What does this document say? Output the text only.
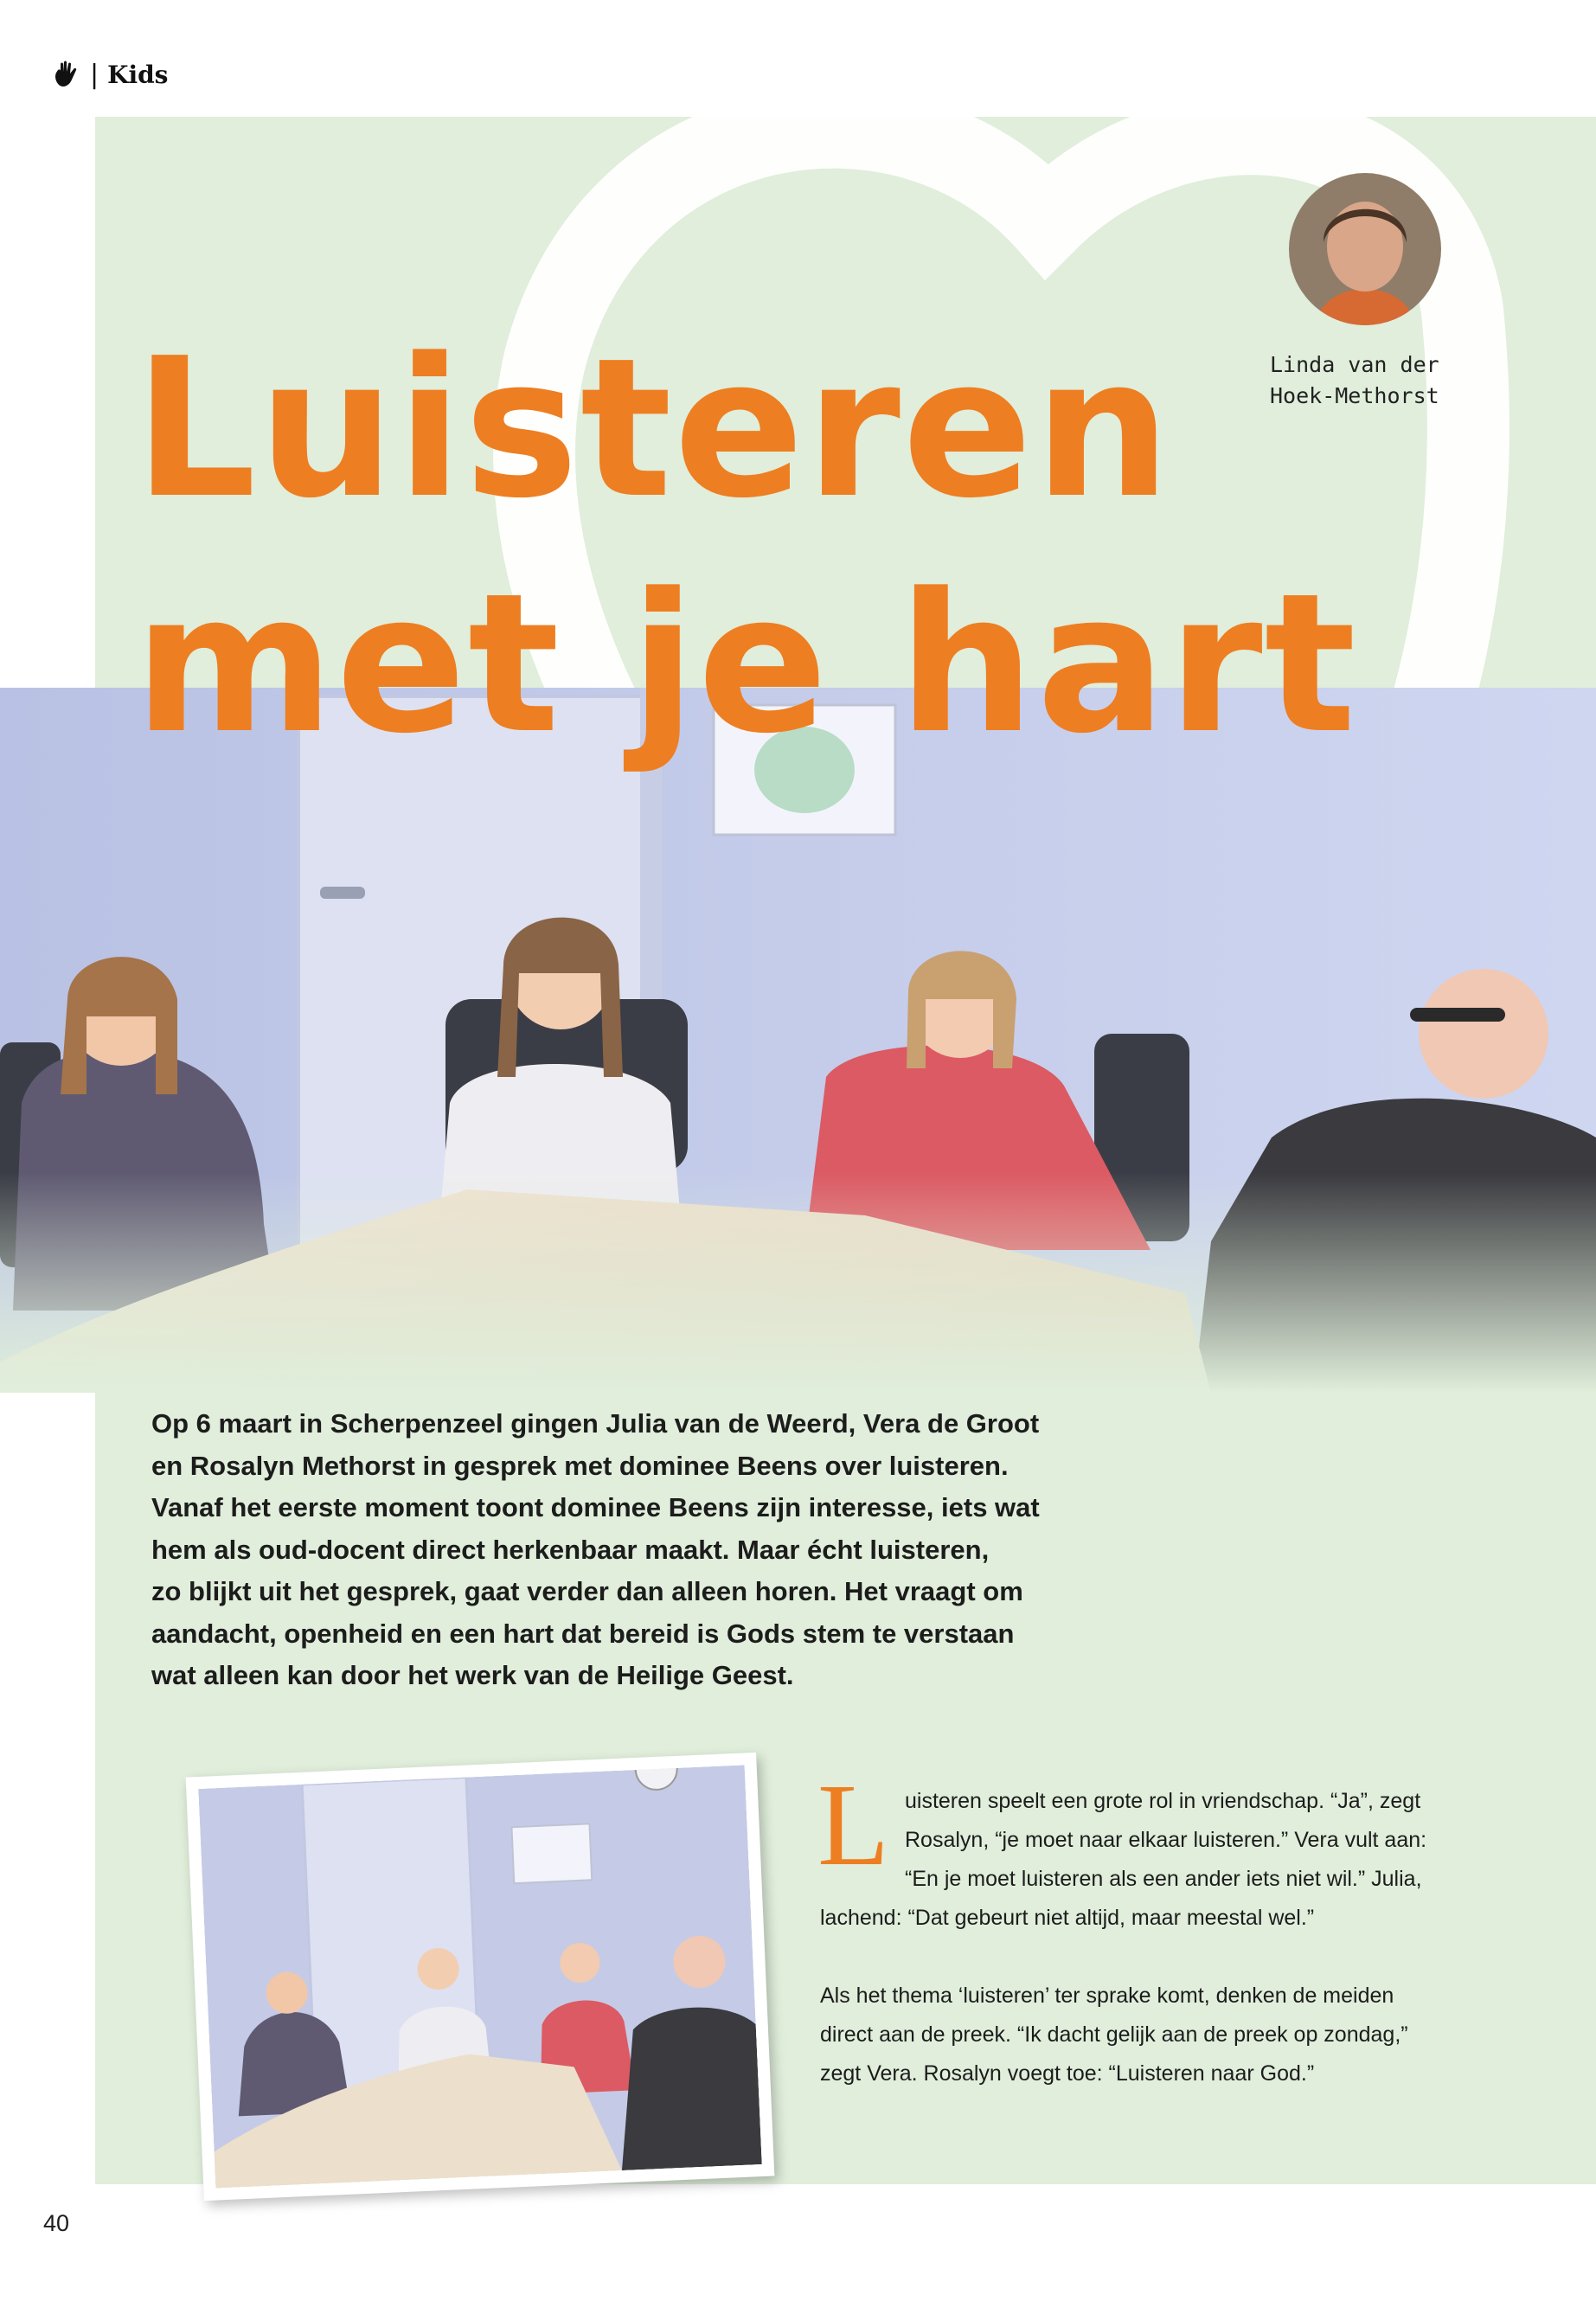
| Kids
Luisteren
met je hart
Linda van der
Hoek-Methorst
Op 6 maart in Scherpenzeel gingen Julia van de Weerd, Vera de Groot
en Rosalyn Methorst in gesprek met dominee Beens over luisteren.
Vanaf het eerste moment toont dominee Beens zijn interesse, iets wat
hem als oud-docent direct herkenbaar maakt. Maar écht luisteren,
zo blijkt uit het gesprek, gaat verder dan alleen horen. Het vraagt om
aandacht, openheid en een hart dat bereid is Gods stem te verstaan
wat alleen kan door het werk van de Heilige Geest.
L uisteren speelt een grote rol in vriendschap. “Ja”, zegt
Rosalyn, “je moet naar elkaar luisteren.” Vera vult aan:
“En je moet luisteren als een ander iets niet wil.” Julia,
lachend: “Dat gebeurt niet altijd, maar meestal wel.”
Als het thema ‘luisteren’ ter sprake komt, denken de meiden
direct aan de preek. “Ik dacht gelijk aan de preek op zondag,”
zegt Vera. Rosalyn voegt toe: “Luisteren naar God.”
40
